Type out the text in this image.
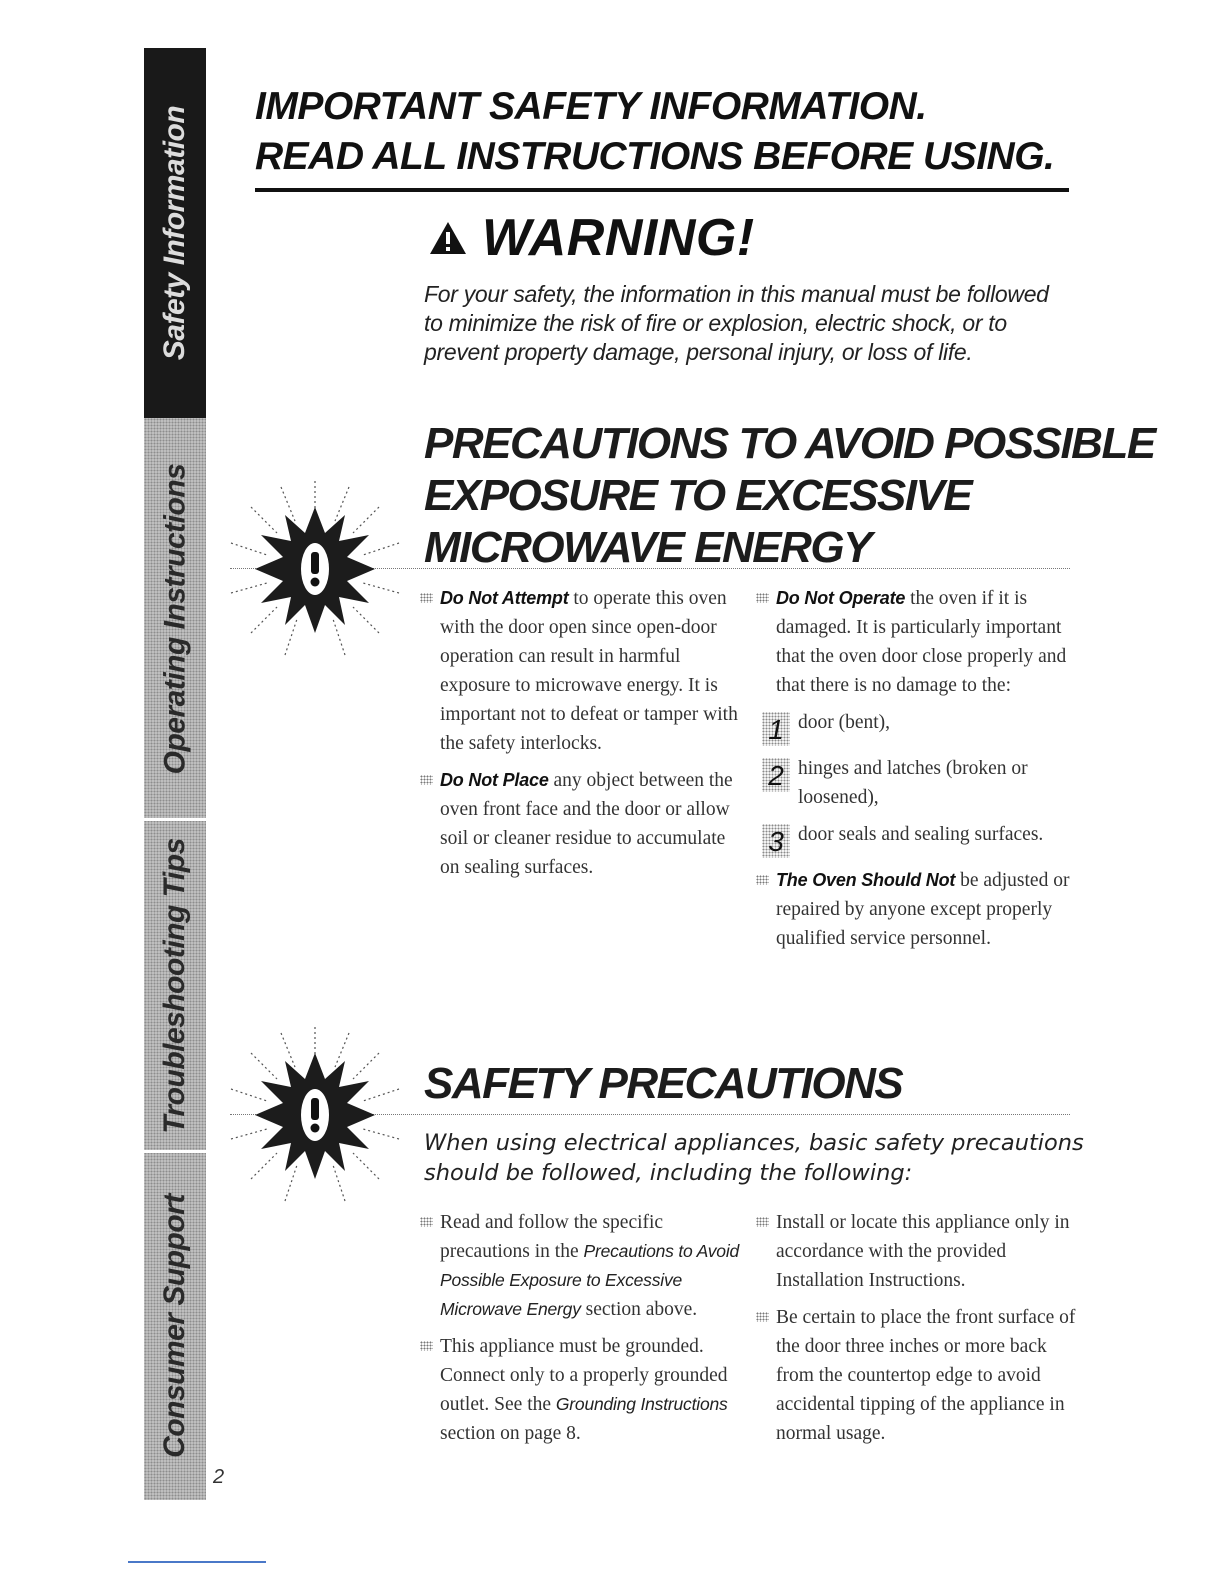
Safety Information
Operating Instructions
Troubleshooting Tips
Consumer Support
2
IMPORTANT SAFETY INFORMATION.
READ ALL INSTRUCTIONS BEFORE USING.
WARNING!

For your safety, the information in this manual must be followed to minimize the risk of fire or explosion, electric shock, or to prevent property damage, personal injury, or loss of life.

PRECAUTIONS TO AVOID POSSIBLE
EXPOSURE TO EXCESSIVE
MICROWAVE ENERGY
Do Not Attempt to operate this oven with the door open since open-door operation can result in harmful exposure to microwave energy. It is important not to defeat or tamper with the safety interlocks.
Do Not Place any object between the oven front face and the door or allow soil or cleaner residue to accumulate on sealing surfaces.
Do Not Operate the oven if it is damaged. It is particularly important that the oven door close properly and that there is no damage to the:
1 door (bent),
2 hinges and latches (broken or loosened),
3 door seals and sealing surfaces.
The Oven Should Not be adjusted or repaired by anyone except properly qualified service personnel.
SAFETY PRECAUTIONS

When using electrical appliances, basic safety precautions should be followed, including the following:

Read and follow the specific precautions in the Precautions to Avoid Possible Exposure to Excessive Microwave Energy section above.
This appliance must be grounded. Connect only to a properly grounded outlet. See the Grounding Instructions section on page 8.
Install or locate this appliance only in accordance with the provided Installation Instructions.
Be certain to place the front surface of the door three inches or more back from the countertop edge to avoid accidental tipping of the appliance in normal usage.
